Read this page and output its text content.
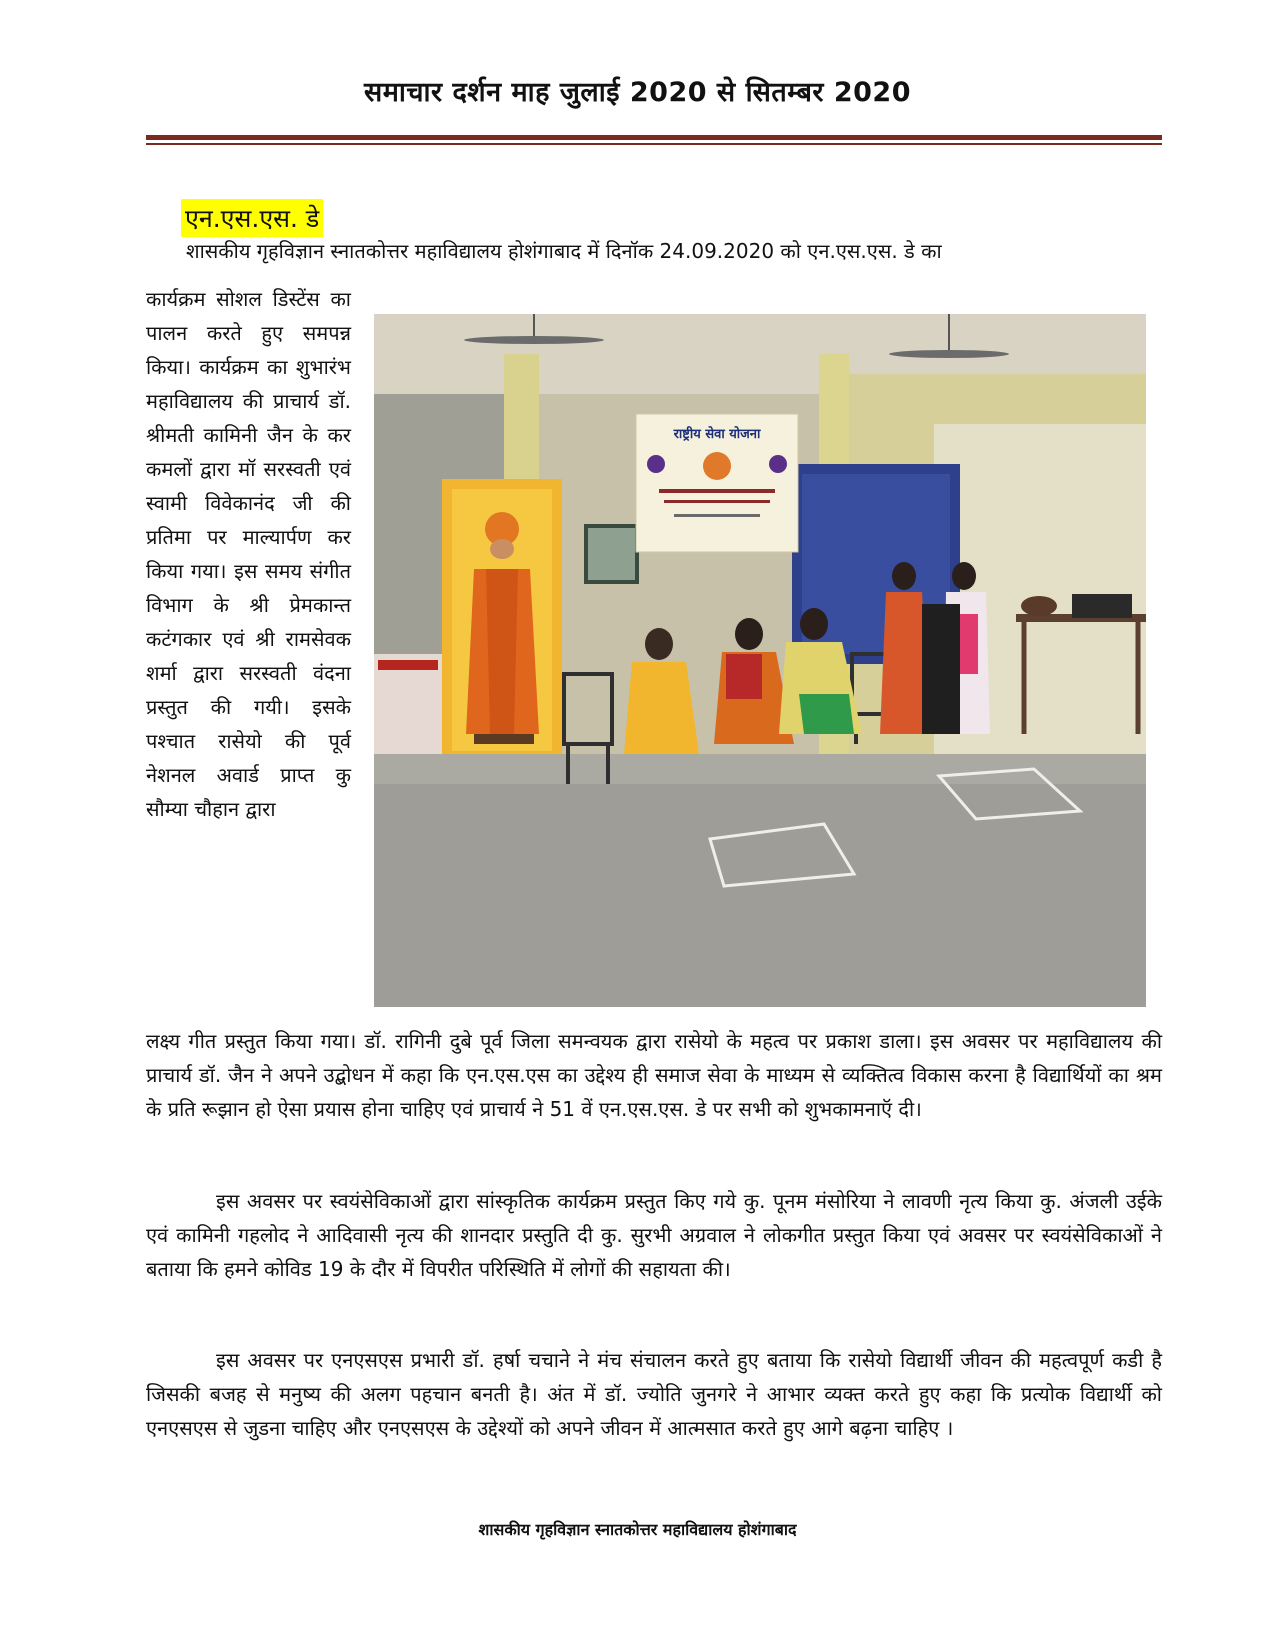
समाचार दर्शन माह जुलाई 2020 से सितम्बर 2020
एन.एस.एस. डे

शासकीय गृहविज्ञान स्नातकोत्तर महाविद्यालय होशंगाबाद में दिनॉक 24.09.2020 को एन.एस.एस. डे का

कार्यक्रम सोशल डिस्टेंस का पालन करते हुए समपन्न किया। कार्यक्रम का शुभारंभ महाविद्यालय की प्राचार्य डॉ. श्रीमती कामिनी जैन के कर कमलों द्वारा मॉ सरस्वती एवं स्वामी विवेकानंद जी की प्रतिमा पर माल्यार्पण कर किया गया। इस समय संगीत विभाग के श्री प्रेमकान्त कटंगकार एवं श्री रामसेवक शर्मा द्वारा सरस्वती वंदना प्रस्तुत की गयी। इसके पश्चात रासेयो की पूर्व नेशनल अवार्ड प्राप्त कु सौम्या चौहान द्वारा

राष्ट्रीय सेवा योजना

लक्ष्य गीत प्रस्तुत किया गया। डॉ. रागिनी दुबे पूर्व जिला समन्वयक द्वारा रासेयो के महत्व पर प्रकाश डाला। इस अवसर पर महाविद्यालय की प्राचार्य डॉ. जैन ने अपने उद्बोधन में कहा कि एन.एस.एस का उद्देश्य ही समाज सेवा के माध्यम से व्यक्तित्व विकास करना है विद्यार्थियों का श्रम के प्रति रूझान हो ऐसा प्रयास होना चाहिए एवं प्राचार्य ने 51 वें एन.एस.एस. डे पर सभी को शुभकामनाऍ दी।

इस अवसर पर स्वयंसेविकाओं द्वारा सांस्कृतिक कार्यक्रम प्रस्तुत किए गये कु. पूनम मंसोरिया ने लावणी नृत्य किया कु. अंजली उईके एवं कामिनी गहलोद ने आदिवासी नृत्य की शानदार प्रस्तुति दी कु. सुरभी अग्रवाल ने लोकगीत प्रस्तुत किया एवं अवसर पर स्वयंसेविकाओं ने बताया कि हमने कोविड 19 के दौर में विपरीत परिस्थिति में लोगों की सहायता की।

इस अवसर पर एनएसएस प्रभारी डॉ. हर्षा चचाने ने मंच संचालन करते हुए बताया कि रासेयो विद्यार्थी जीवन की महत्वपूर्ण कडी है जिसकी बजह से मनुष्य की अलग पहचान बनती है। अंत में डॉ. ज्योति जुनगरे ने आभार व्यक्त करते हुए कहा कि प्रत्योक विद्यार्थी को एनएसएस से जुडना चाहिए और एनएसएस के उद्देश्यों को अपने जीवन में आत्मसात करते हुए आगे बढ़ना चाहिए ।

शासकीय गृहविज्ञान स्नातकोत्तर महाविद्यालय होशंगाबाद
